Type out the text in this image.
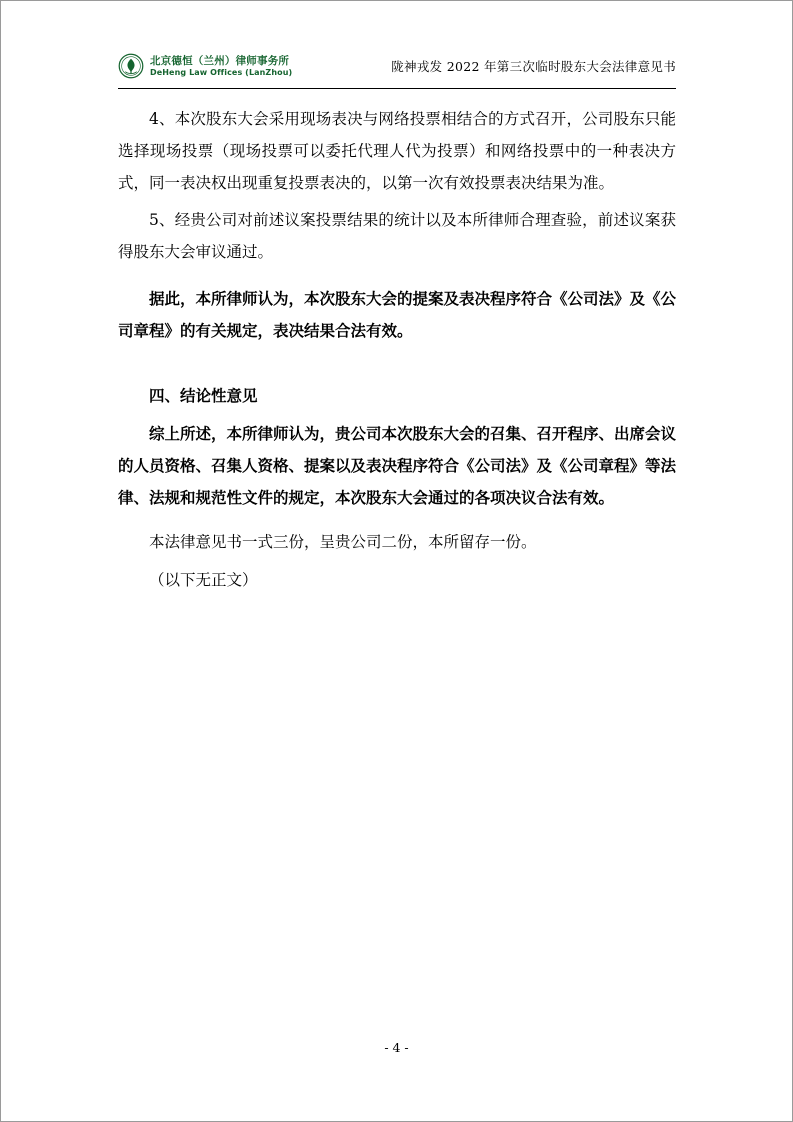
北京德恒（兰州）律师事务所
DeHeng Law Offices (LanZhou)	陇神戎发 2022 年第三次临时股东大会法律意见书

4、本次股东大会采用现场表决与网络投票相结合的方式召开，公司股东只能选择现场投票（现场投票可以委托代理人代为投票）和网络投票中的一种表决方式，同一表决权出现重复投票表决的，以第一次有效投票表决结果为准。

5、经贵公司对前述议案投票结果的统计以及本所律师合理查验，前述议案获得股东大会审议通过。

据此，本所律师认为，本次股东大会的提案及表决程序符合《公司法》及《公司章程》的有关规定，表决结果合法有效。

四、结论性意见

综上所述，本所律师认为，贵公司本次股东大会的召集、召开程序、出席会议的人员资格、召集人资格、提案以及表决程序符合《公司法》及《公司章程》等法律、法规和规范性文件的规定，本次股东大会通过的各项决议合法有效。

本法律意见书一式三份，呈贵公司二份，本所留存一份。

（以下无正文）

- 4 -
